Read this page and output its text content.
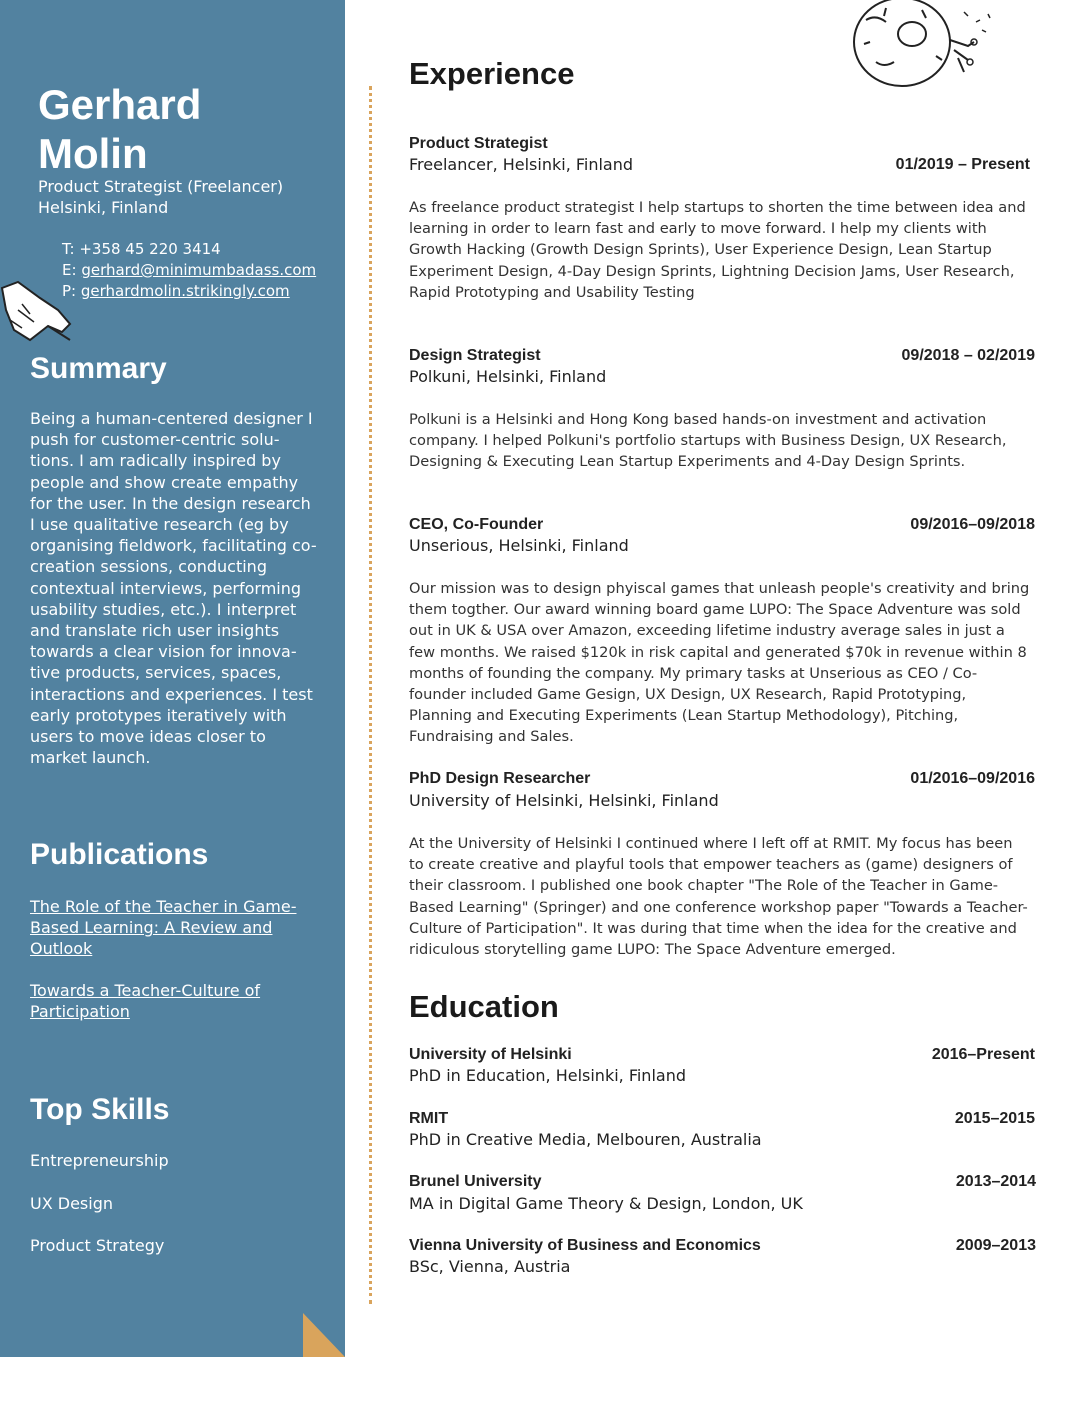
Gerhard
Molin
Product Strategist (Freelancer)
Helsinki, Finland
T: +358 45 220 3414
E: gerhard@minimumbadass.com
P: gerhardmolin.strikingly.com
Summary
Being a human-centered designer I push for customer-centric solu- tions. I am radically inspired by people and show create empathy for the user. In the design research I use qualitative research (eg by organising fieldwork, facilitating co-creation sessions, conducting contextual interviews, performing usability studies, etc.). I interpret and translate rich user insights towards a clear vision for innova- tive products, services, spaces, interactions and experiences. I test early prototypes iteratively with users to move ideas closer to market launch.
Publications
The Role of the Teacher in Game-Based Learning: A Review and Outlook
Towards a Teacher-Culture of Participation
Top Skills
Entrepreneurship
UX Design
Product Strategy
Experience
Product Strategist
Freelancer, Helsinki, Finland	01/2019 – Present
As freelance product strategist I help startups to shorten the time between idea and learning in order to learn fast and early to move forward. I help my clients with Growth Hacking (Growth Design Sprints), User Experience Design, Lean Startup Experiment Design, 4-Day Design Sprints, Lightning Decision Jams, User Research, Rapid Prototyping and Usability Testing
Design Strategist
Polkuni, Helsinki, Finland
09/2018 – 02/2019
Polkuni is a Helsinki and Hong Kong based hands-on investment and activation company. I helped Polkuni's portfolio startups with Business Design, UX Research, Designing & Executing Lean Startup Experiments and 4-Day Design Sprints.
CEO, Co-Founder
Unserious, Helsinki, Finland
09/2016–09/2018
Our mission was to design phyiscal games that unleash people's creativity and bring them togther. Our award winning board game LUPO: The Space Adventure was sold out in UK & USA over Amazon, exceeding lifetime industry average sales in just a few months. We raised $120k in risk capital and generated $70k in revenue within 8 months of founding the company. My primary tasks at Unserious as CEO / Co-founder included Game Gesign, UX Design, UX Research, Rapid Prototyping, Planning and Executing Experiments (Lean Startup Methodology), Pitching, Fundraising and Sales.
PhD Design Researcher
University of Helsinki, Helsinki, Finland
01/2016–09/2016
At the University of Helsinki I continued where I left off at RMIT. My focus has been to create creative and playful tools that empower teachers as (game) designers of their classroom. I published one book chapter "The Role of the Teacher in Game- Based Learning" (Springer) and one conference workshop paper "Towards a Teacher-Culture of Participation". It was during that time when the idea for the creative and ridiculous storytelling game LUPO: The Space Adventure emerged.
Education
University of Helsinki
PhD in Education, Helsinki, Finland
2016–Present
RMIT
PhD in Creative Media, Melbouren, Australia
2015–2015
Brunel University
MA in Digital Game Theory & Design, London, UK
2013–2014
Vienna University of Business and Economics
BSc, Vienna, Austria
2009–2013
